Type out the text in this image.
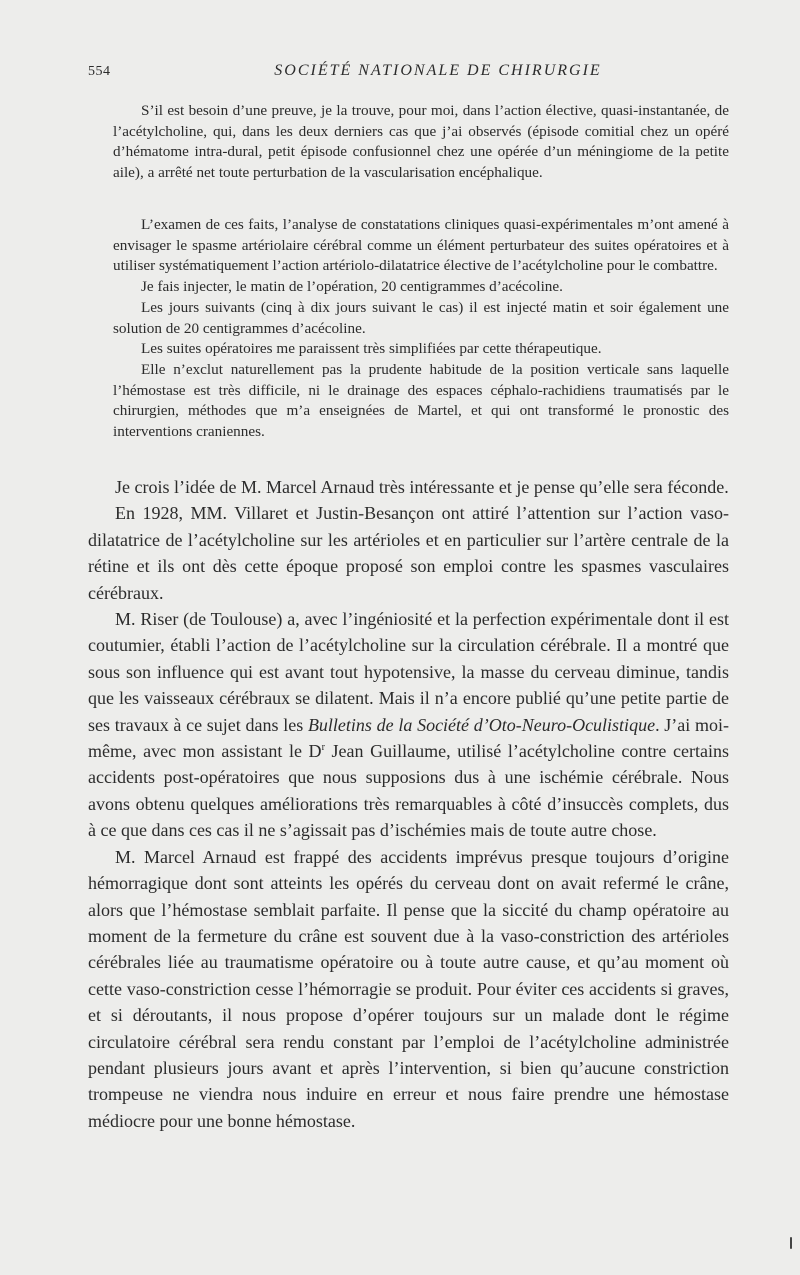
554	SOCIÉTÉ NATIONALE DE CHIRURGIE

S’il est besoin d’une preuve, je la trouve, pour moi, dans l’action élective, quasi-instantanée, de l’acétylcholine, qui, dans les deux derniers cas que j’ai observés (épisode comitial chez un opéré d’hématome intra-dural, petit épisode confusionnel chez une opérée d’un méningiome de la petite aile), a arrêté net toute perturbation de la vascularisation encéphalique.

L’examen de ces faits, l’analyse de constatations cliniques quasi-expérimentales m’ont amené à envisager le spasme artériolaire cérébral comme un élément perturbateur des suites opératoires et à utiliser systématiquement l’action artériolo-dilatatrice élective de l’acétylcholine pour le combattre.

Je fais injecter, le matin de l’opération, 20 centigrammes d’acécoline.

Les jours suivants (cinq à dix jours suivant le cas) il est injecté matin et soir également une solution de 20 centigrammes d’acécoline.

Les suites opératoires me paraissent très simplifiées par cette thérapeutique.

Elle n’exclut naturellement pas la prudente habitude de la position verticale sans laquelle l’hémostase est très difficile, ni le drainage des espaces céphalo-rachidiens traumatisés par le chirurgien, méthodes que m’a enseignées de Martel, et qui ont transformé le pronostic des interventions craniennes.

Je crois l’idée de M. Marcel Arnaud très intéressante et je pense qu’elle sera féconde.

En 1928, MM. Villaret et Justin-Besançon ont attiré l’attention sur l’action vaso-dilatatrice de l’acétylcholine sur les artérioles et en particulier sur l’artère centrale de la rétine et ils ont dès cette époque proposé son emploi contre les spasmes vasculaires cérébraux.

M. Riser (de Toulouse) a, avec l’ingéniosité et la perfection expérimentale dont il est coutumier, établi l’action de l’acétylcholine sur la circulation cérébrale. Il a montré que sous son influence qui est avant tout hypotensive, la masse du cerveau diminue, tandis que les vaisseaux cérébraux se dilatent. Mais il n’a encore publié qu’une petite partie de ses travaux à ce sujet dans les Bulletins de la Société d’Oto-Neuro-Oculistique. J’ai moi-même, avec mon assistant le $D^r$ Jean Guillaume, utilisé l’acétylcholine contre certains accidents post-opératoires que nous supposions dus à une ischémie cérébrale. Nous avons obtenu quelques améliorations très remarquables à côté d’insuccès complets, dus à ce que dans ces cas il ne s’agissait pas d’ischémies mais de toute autre chose.

M. Marcel Arnaud est frappé des accidents imprévus presque toujours d’origine hémorragique dont sont atteints les opérés du cerveau dont on avait refermé le crâne, alors que l’hémostase semblait parfaite. Il pense que la siccité du champ opératoire au moment de la fermeture du crâne est souvent due à la vaso-constriction des artérioles cérébrales liée au traumatisme opératoire ou à toute autre cause, et qu’au moment où cette vaso-constriction cesse l’hémorragie se produit. Pour éviter ces accidents si graves, et si déroutants, il nous propose d’opérer toujours sur un malade dont le régime circulatoire cérébral sera rendu constant par l’emploi de l’acétylcholine administrée pendant plusieurs jours avant et après l’intervention, si bien qu’aucune constriction trompeuse ne viendra nous induire en erreur et nous faire prendre une hémostase médiocre pour une bonne hémostase.
